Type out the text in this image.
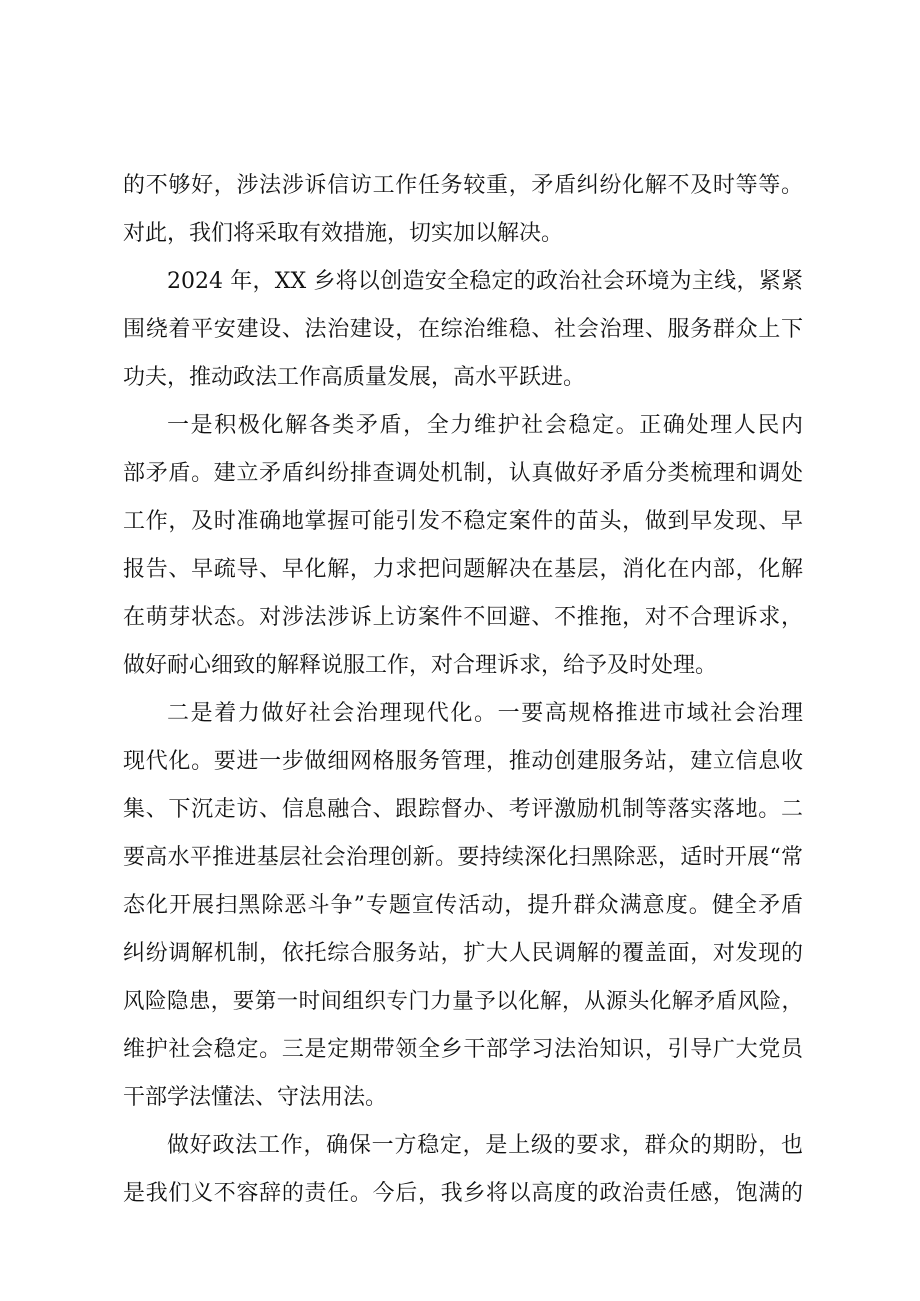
的不够好，涉法涉诉信访工作任务较重，矛盾纠纷化解不及时等等。
对此，我们将采取有效措施，切实加以解决。
2024 年，XX 乡将以创造安全稳定的政治社会环境为主线，紧紧
围绕着平安建设、法治建设，在综治维稳、社会治理、服务群众上下
功夫，推动政法工作高质量发展，高水平跃进。
一是积极化解各类矛盾，全力维护社会稳定。正确处理人民内
部矛盾。建立矛盾纠纷排查调处机制，认真做好矛盾分类梳理和调处
工作，及时准确地掌握可能引发不稳定案件的苗头，做到早发现、早
报告、早疏导、早化解，力求把问题解决在基层，消化在内部，化解
在萌芽状态。对涉法涉诉上访案件不回避、不推拖，对不合理诉求，
做好耐心细致的解释说服工作，对合理诉求，给予及时处理。
二是着力做好社会治理现代化。一要高规格推进市域社会治理
现代化。要进一步做细网格服务管理，推动创建服务站，建立信息收
集、下沉走访、信息融合、跟踪督办、考评激励机制等落实落地。二
要高水平推进基层社会治理创新。要持续深化扫黑除恶，适时开展“常
态化开展扫黑除恶斗争”专题宣传活动，提升群众满意度。健全矛盾
纠纷调解机制，依托综合服务站，扩大人民调解的覆盖面，对发现的
风险隐患，要第一时间组织专门力量予以化解，从源头化解矛盾风险，
维护社会稳定。三是定期带领全乡干部学习法治知识，引导广大党员
干部学法懂法、守法用法。
做好政法工作，确保一方稳定，是上级的要求，群众的期盼，也
是我们义不容辞的责任。今后，我乡将以高度的政治责任感，饱满的
